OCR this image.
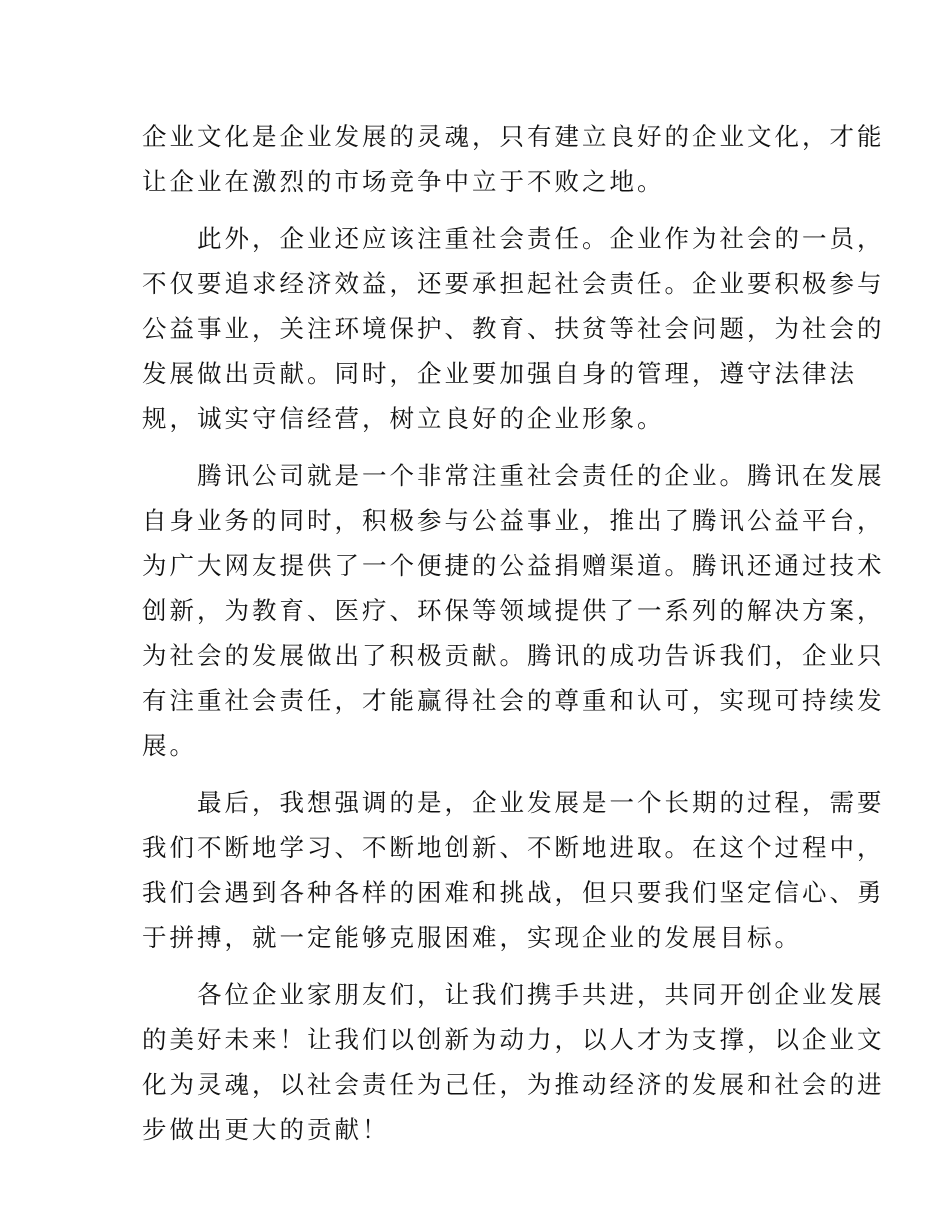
企业文化是企业发展的灵魂，只有建立良好的企业文化，才能
让企业在激烈的市场竞争中立于不败之地。
　　此外，企业还应该注重社会责任。企业作为社会的一员，
不仅要追求经济效益，还要承担起社会责任。企业要积极参与
公益事业，关注环境保护、教育、扶贫等社会问题，为社会的
发展做出贡献。同时，企业要加强自身的管理，遵守法律法
规，诚实守信经营，树立良好的企业形象。
　　腾讯公司就是一个非常注重社会责任的企业。腾讯在发展
自身业务的同时，积极参与公益事业，推出了腾讯公益平台，
为广大网友提供了一个便捷的公益捐赠渠道。腾讯还通过技术
创新，为教育、医疗、环保等领域提供了一系列的解决方案，
为社会的发展做出了积极贡献。腾讯的成功告诉我们，企业只
有注重社会责任，才能赢得社会的尊重和认可，实现可持续发
展。
　　最后，我想强调的是，企业发展是一个长期的过程，需要
我们不断地学习、不断地创新、不断地进取。在这个过程中，
我们会遇到各种各样的困难和挑战，但只要我们坚定信心、勇
于拼搏，就一定能够克服困难，实现企业的发展目标。
　　各位企业家朋友们，让我们携手共进，共同开创企业发展
的美好未来！让我们以创新为动力，以人才为支撑，以企业文
化为灵魂，以社会责任为己任，为推动经济的发展和社会的进
步做出更大的贡献！
